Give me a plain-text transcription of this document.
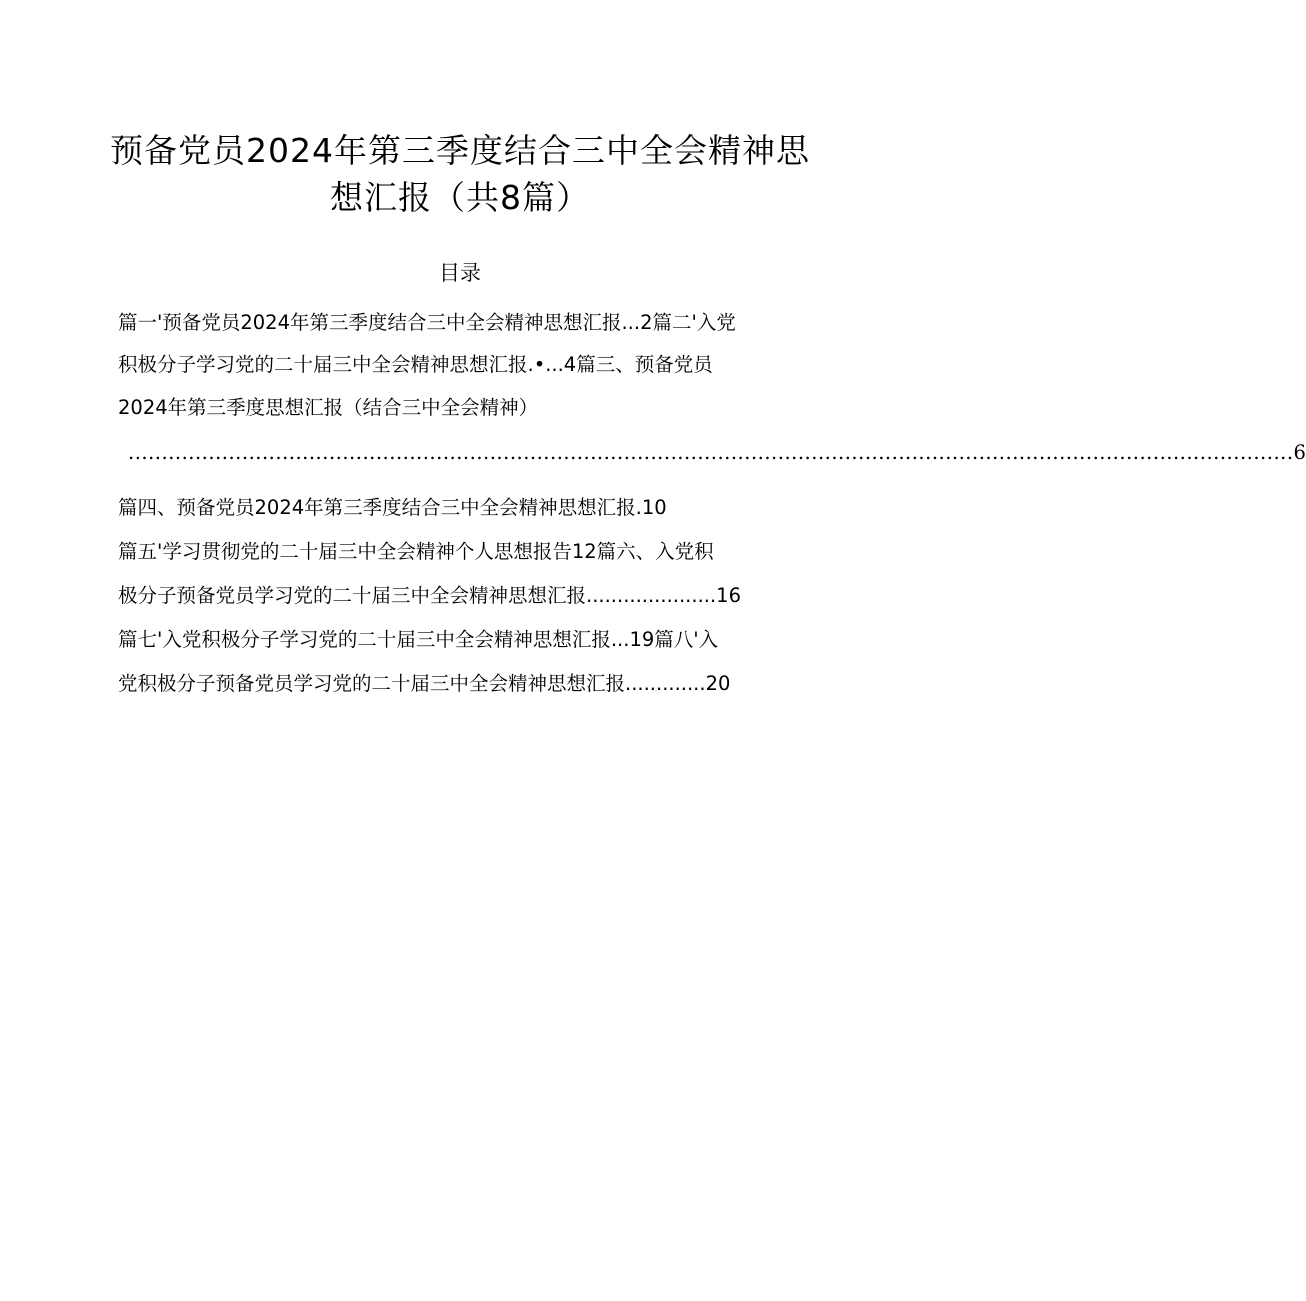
预备党员2024年第三季度结合三中全会精神思
想汇报（共8篇）
目录
篇一'预备党员2024年第三季度结合三中全会精神思想汇报...2篇二'入党
积极分子学习党的二十届三中全会精神思想汇报.•...4篇三、预备党员
2024年第三季度思想汇报（结合三中全会精神）
.............................................................................................................................................................................. 6
篇四、预备党员2024年第三季度结合三中全会精神思想汇报.10
篇五'学习贯彻党的二十届三中全会精神个人思想报告12篇六、入党积
极分子预备党员学习党的二十届三中全会精神思想汇报.....................16
篇七'入党积极分子学习党的二十届三中全会精神思想汇报...19篇八'入
党积极分子预备党员学习党的二十届三中全会精神思想汇报.............20
